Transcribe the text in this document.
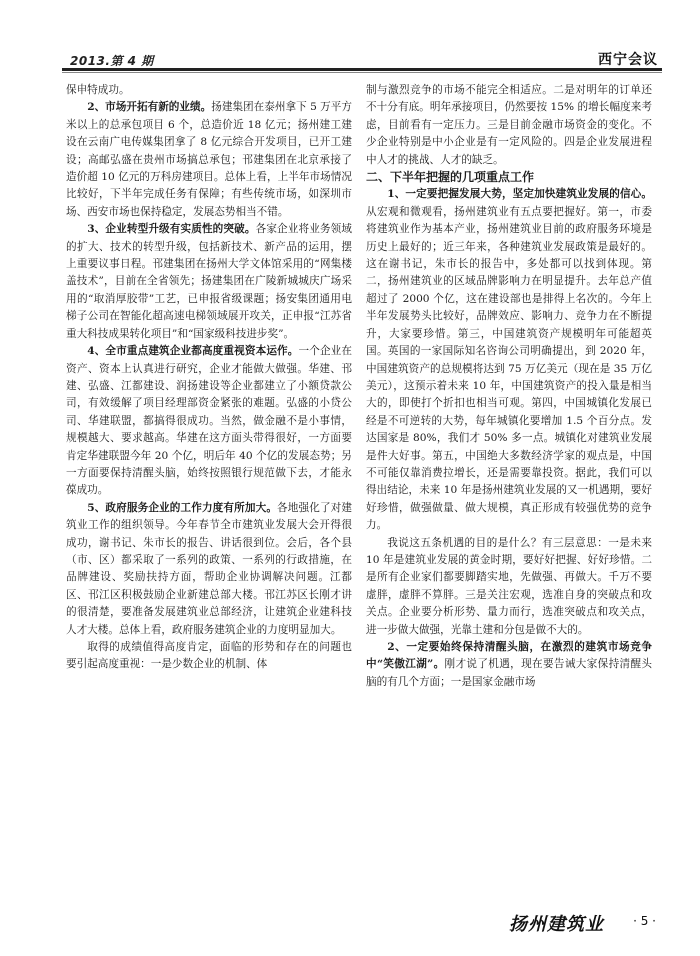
2013.第 4 期	西宁会议

保申特成功。

2、市场开拓有新的业绩。扬建集团在泰州拿下 5 万平方米以上的总承包项目 6 个，总造价近 18 亿元；扬州建工建设在云南广电传媒集团拿了 8 亿元综合开发项目，已开工建设；高邮弘盛在贵州市场搞总承包；邗建集团在北京承接了造价超 10 亿元的万科房建项目。总体上看，上半年市场情况比较好，下半年完成任务有保障；有些传统市场，如深圳市场、西安市场也保持稳定，发展态势相当不错。

3、企业转型升级有实质性的突破。各家企业将业务领域的扩大、技术的转型升级，包括新技术、新产品的运用，摆上重要议事日程。邗建集团在扬州大学文体馆采用的“网集楼盖技术”，目前在全省领先；扬建集团在广陵新城城庆广场采用的“取消厚胶带”工艺，已申报省级课题；扬安集团通用电梯子公司在智能化超高速电梯领域展开攻关，正申报“江苏省重大科技成果转化项目”和“国家级科技进步奖”。

4、全市重点建筑企业都高度重视资本运作。一个企业在资产、资本上认真进行研究，企业才能做大做强。华建、邗建、弘盛、江都建设、润扬建设等企业都建立了小额贷款公司，有效缓解了项目经理部资金紧张的难题。弘盛的小贷公司、华建联盟，都搞得很成功。当然，做金融不是小事情，规模越大、要求越高。华建在这方面头带得很好，一方面要肯定华建联盟今年 20 个亿，明后年 40 个亿的发展态势；另一方面要保持清醒头脑，始终按照银行规范做下去，才能永葆成功。

5、政府服务企业的工作力度有所加大。各地强化了对建筑业工作的组织领导。今年春节全市建筑业发展大会开得很成功，谢书记、朱市长的报告、讲话很到位。会后，各个县（市、区）都采取了一系列的政策、一系列的行政措施，在品牌建设、奖励扶持方面，帮助企业协调解决问题。江都区、邗江区积极鼓励企业新建总部大楼。邗江苏区长刚才讲的很清楚，要准备发展建筑业总部经济，让建筑企业建科技人才大楼。总体上看，政府服务建筑企业的力度明显加大。

取得的成绩值得高度肯定，面临的形势和存在的问题也要引起高度重视：一是少数企业的机制、体

制与激烈竞争的市场不能完全相适应。二是对明年的订单还不十分有底。明年承接项目，仍然要按 15% 的增长幅度来考虑，目前看有一定压力。三是目前金融市场资金的变化。不少企业特别是中小企业是有一定风险的。四是企业发展进程中人才的挑战、人才的缺乏。

二、下半年把握的几项重点工作

1、一定要把握发展大势，坚定加快建筑业发展的信心。从宏观和微观看，扬州建筑业有五点要把握好。第一，市委将建筑业作为基本产业，扬州建筑业目前的政府服务环境是历史上最好的；近三年来，各种建筑业发展政策是最好的。这在谢书记，朱市长的报告中，多处都可以找到体现。第二，扬州建筑业的区域品牌影响力在明显提升。去年总产值超过了 2000 个亿，这在建设部也是排得上名次的。今年上半年发展势头比较好，品牌效应、影响力、竞争力在不断提升，大家要珍惜。第三，中国建筑资产规模明年可能超英国。英国的一家国际知名咨询公司明确提出，到 2020 年，中国建筑资产的总规模将达到 75 万亿美元（现在是 35 万亿美元），这预示着未来 10 年，中国建筑资产的投入量是相当大的，即使打个折扣也相当可观。第四，中国城镇化发展已经是不可逆转的大势，每年城镇化要增加 1.5 个百分点。发达国家是 80%，我们才 50% 多一点。城镇化对建筑业发展是件大好事。第五，中国绝大多数经济学家的观点是，中国不可能仅靠消费拉增长，还是需要靠投资。据此，我们可以得出结论，未来 10 年是扬州建筑业发展的又一机遇期，要好好珍惜，做强做量、做大规模，真正形成有较强优势的竞争力。

我说这五条机遇的目的是什么？有三层意思：一是未来 10 年是建筑业发展的黄金时期，要好好把握、好好珍惜。二是所有企业家们都要脚踏实地，先做强、再做大。千万不要虚胖，虚胖不算胖。三是关注宏观，选准自身的突破点和攻关点。企业要分析形势、量力而行，选准突破点和攻关点，进一步做大做强，光靠土建和分包是做不大的。

2、一定要始终保持清醒头脑，在激烈的建筑市场竞争中“笑傲江湖”。刚才说了机遇，现在要告诫大家保持清醒头脑的有几个方面；一是国家金融市场

扬州建筑业 · 5 ·
